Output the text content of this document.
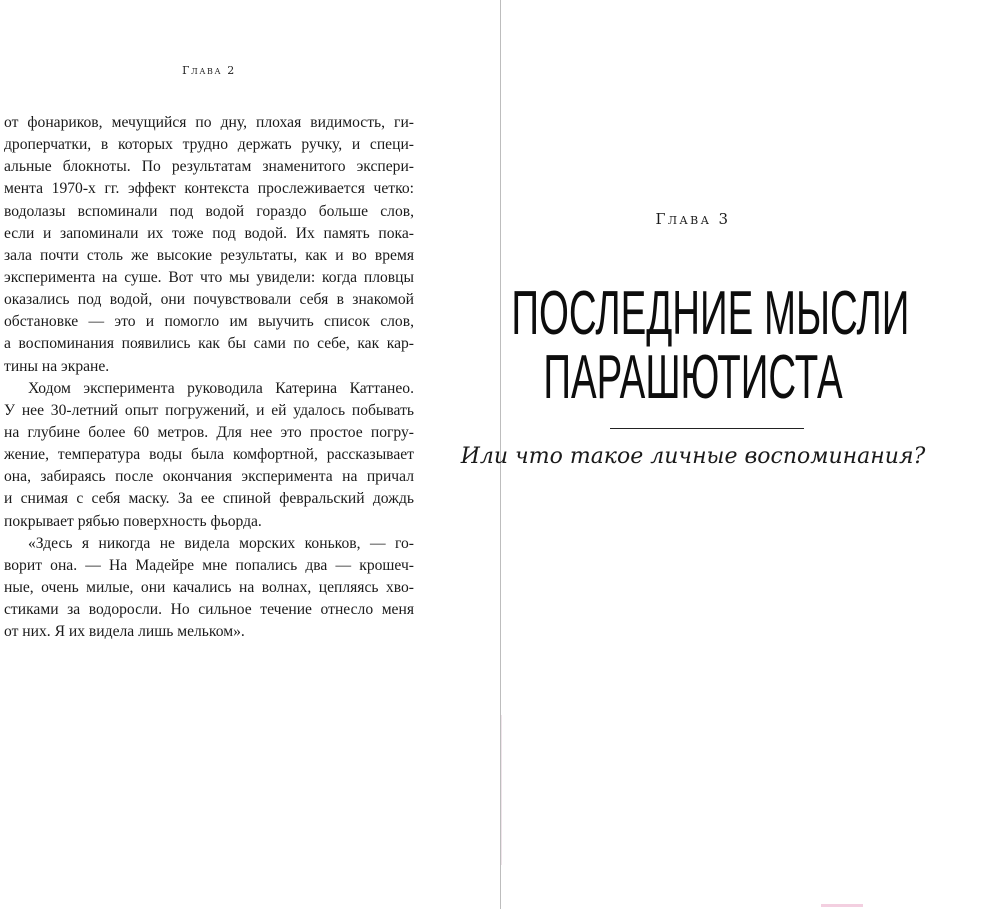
Глава 2
от фонариков, мечущийся по дну, плохая видимость, ги-
дроперчатки, в которых трудно держать ручку, и специ-
альные блокноты. По результатам знаменитого экспери-
мента 1970-х гг. эффект контекста прослеживается четко:
водолазы вспоминали под водой гораздо больше слов,
если и запоминали их тоже под водой. Их память пока-
зала почти столь же высокие результаты, как и во время
эксперимента на суше. Вот что мы увидели: когда пловцы
оказались под водой, они почувствовали себя в знакомой
обстановке — это и помогло им выучить список слов,
а воспоминания появились как бы сами по себе, как кар-
тины на экране.
Ходом эксперимента руководила Катерина Каттанео.
У нее 30-летний опыт погружений, и ей удалось побывать
на глубине более 60 метров. Для нее это простое погру-
жение, температура воды была комфортной, рассказывает
она, забираясь после окончания эксперимента на причал
и снимая с себя маску. За ее спиной февральский дождь
покрывает рябью поверхность фьорда.
«Здесь я никогда не видела морских коньков, — го-
ворит она. — На Мадейре мне попались два — крошеч-
ные, очень милые, они качались на волнах, цепляясь хво-
стиками за водоросли. Но сильное течение отнесло меня
от них. Я их видела лишь мельком».
Глава 3
ПОСЛЕДНИЕ МЫСЛИ
ПАРАШЮТИСТА
Или что такое личные воспоминания?
